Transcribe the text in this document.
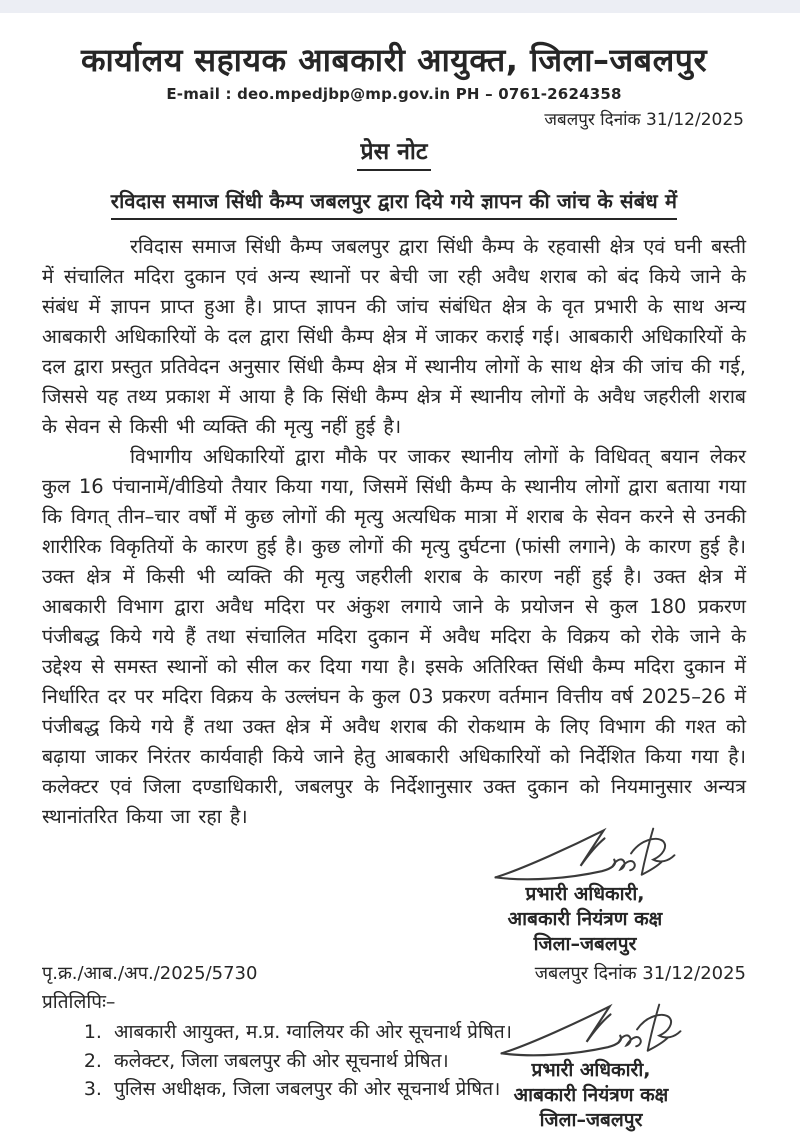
कार्यालय सहायक आबकारी आयुक्त, जिला–जबलपुर
E-mail : deo.mpedjbp@mp.gov.in PH – 0761-2624358
जबलपुर दिनांक 31/12/2025
प्रेस नोट
रविदास समाज सिंधी कैम्प जबलपुर द्वारा दिये गये ज्ञापन की जांच के संबंध में

रविदास समाज सिंधी कैम्प जबलपुर द्वारा सिंधी कैम्प के रहवासी क्षेत्र एवं घनी बस्ती में संचालित मदिरा दुकान एवं अन्य स्थानों पर बेची जा रही अवैध शराब को बंद किये जाने के संबंध में ज्ञापन प्राप्त हुआ है। प्राप्त ज्ञापन की जांच संबंधित क्षेत्र के वृत प्रभारी के साथ अन्य आबकारी अधिकारियों के दल द्वारा सिंधी कैम्प क्षेत्र में जाकर कराई गई। आबकारी अधिकारियों के दल द्वारा प्रस्तुत प्रतिवेदन अनुसार सिंधी कैम्प क्षेत्र में स्थानीय लोगों के साथ क्षेत्र की जांच की गई, जिससे यह तथ्य प्रकाश में आया है कि सिंधी कैम्प क्षेत्र में स्थानीय लोगों के अवैध जहरीली शराब के सेवन से किसी भी व्यक्ति की मृत्यु नहीं हुई है।

विभागीय अधिकारियों द्वारा मौके पर जाकर स्थानीय लोगों के विधिवत् बयान लेकर कुल 16 पंचानामें/वीडियो तैयार किया गया, जिसमें सिंधी कैम्प के स्थानीय लोगों द्वारा बताया गया कि विगत् तीन–चार वर्षों में कुछ लोगों की मृत्यु अत्यधिक मात्रा में शराब के सेवन करने से उनकी शारीरिक विकृतियों के कारण हुई है। कुछ लोगों की मृत्यु दुर्घटना (फांसी लगाने) के कारण हुई है। उक्त क्षेत्र में किसी भी व्यक्ति की मृत्यु जहरीली शराब के कारण नहीं हुई है। उक्त क्षेत्र में आबकारी विभाग द्वारा अवैध मदिरा पर अंकुश लगाये जाने के प्रयोजन से कुल 180 प्रकरण पंजीबद्ध किये गये हैं तथा संचालित मदिरा दुकान में अवैध मदिरा के विक्रय को रोके जाने के उद्देश्य से समस्त स्थानों को सील कर दिया गया है। इसके अतिरिक्त सिंधी कैम्प मदिरा दुकान में निर्धारित दर पर मदिरा विक्रय के उल्लंघन के कुल 03 प्रकरण वर्तमान वित्तीय वर्ष 2025–26 में पंजीबद्ध किये गये हैं तथा उक्त क्षेत्र में अवैध शराब की रोकथाम के लिए विभाग की गश्त को बढ़ाया जाकर निरंतर कार्यवाही किये जाने हेतु आबकारी अधिकारियों को निर्देशित किया गया है। कलेक्टर एवं जिला दण्डाधिकारी, जबलपुर के निर्देशानुसार उक्त दुकान को नियमानुसार अन्यत्र स्थानांतरित किया जा रहा है।

प्रभारी अधिकारी,
आबकारी नियंत्रण कक्ष
जिला–जबलपुर
पृ.क्र./आब./अप./2025/5730	जबलपुर दिनांक 31/12/2025
प्रतिलिपिः–
1. आबकारी आयुक्त, म.प्र. ग्वालियर की ओर सूचनार्थ प्रेषित।
2. कलेक्टर, जिला जबलपुर की ओर सूचनार्थ प्रेषित।
3. पुलिस अधीक्षक, जिला जबलपुर की ओर सूचनार्थ प्रेषित।
प्रभारी अधिकारी,
आबकारी नियंत्रण कक्ष
जिला–जबलपुर
